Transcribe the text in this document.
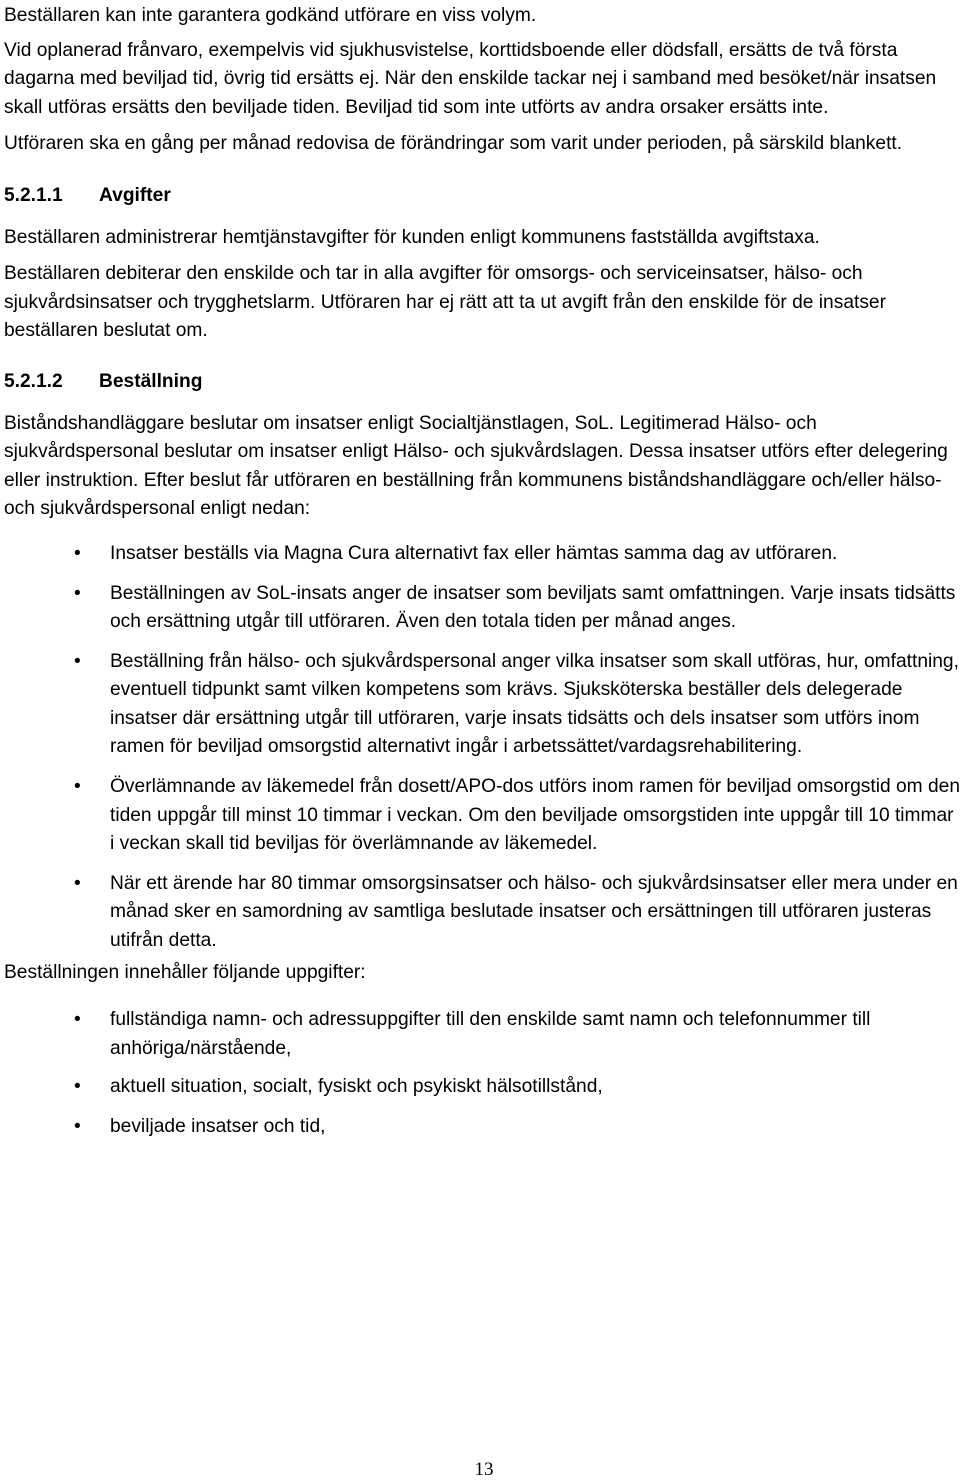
Beställaren kan inte garantera godkänd utförare en viss volym.

Vid oplanerad frånvaro, exempelvis vid sjukhusvistelse, korttidsboende eller dödsfall, ersätts de två första dagarna med beviljad tid, övrig tid ersätts ej. När den enskilde tackar nej i samband med besöket/när insatsen skall utföras ersätts den beviljade tiden. Beviljad tid som inte utförts av andra orsaker ersätts inte.

Utföraren ska en gång per månad redovisa de förändringar som varit under perioden, på särskild blankett.

5.2.1.1 Avgifter

Beställaren administrerar hemtjänstavgifter för kunden enligt kommunens fastställda avgiftstaxa.

Beställaren debiterar den enskilde och tar in alla avgifter för omsorgs- och serviceinsatser, hälso- och sjukvårdsinsatser och trygghetslarm. Utföraren har ej rätt att ta ut avgift från den enskilde för de insatser beställaren beslutat om.

5.2.1.2 Beställning

Biståndshandläggare beslutar om insatser enligt Socialtjänstlagen, SoL. Legitimerad Hälso- och sjukvårdspersonal beslutar om insatser enligt Hälso- och sjukvårdslagen. Dessa insatser utförs efter delegering eller instruktion. Efter beslut får utföraren en beställning från kommunens biståndshandläggare och/eller hälso- och sjukvårdspersonal enligt nedan:

• Insatser beställs via Magna Cura alternativt fax eller hämtas samma dag av utföraren.
• Beställningen av SoL-insats anger de insatser som beviljats samt omfattningen. Varje insats tidsätts och ersättning utgår till utföraren. Även den totala tiden per månad anges.
• Beställning från hälso- och sjukvårdspersonal anger vilka insatser som skall utföras, hur, omfattning, eventuell tidpunkt samt vilken kompetens som krävs. Sjuksköterska beställer dels delegerade insatser där ersättning utgår till utföraren, varje insats tidsätts och dels insatser som utförs inom ramen för beviljad omsorgstid alternativt ingår i arbetssättet/vardagsrehabilitering.
• Överlämnande av läkemedel från dosett/APO-dos utförs inom ramen för beviljad omsorgstid om den tiden uppgår till minst 10 timmar i veckan. Om den beviljade omsorgstiden inte uppgår till 10 timmar i veckan skall tid beviljas för överlämnande av läkemedel.
• När ett ärende har 80 timmar omsorgsinsatser och hälso- och sjukvårdsinsatser eller mera under en månad sker en samordning av samtliga beslutade insatser och ersättningen till utföraren justeras utifrån detta.

Beställningen innehåller följande uppgifter:

• fullständiga namn- och adressuppgifter till den enskilde samt namn och telefonnummer till anhöriga/närstående,
• aktuell situation, socialt, fysiskt och psykiskt hälsotillstånd,
• beviljade insatser och tid,
13
